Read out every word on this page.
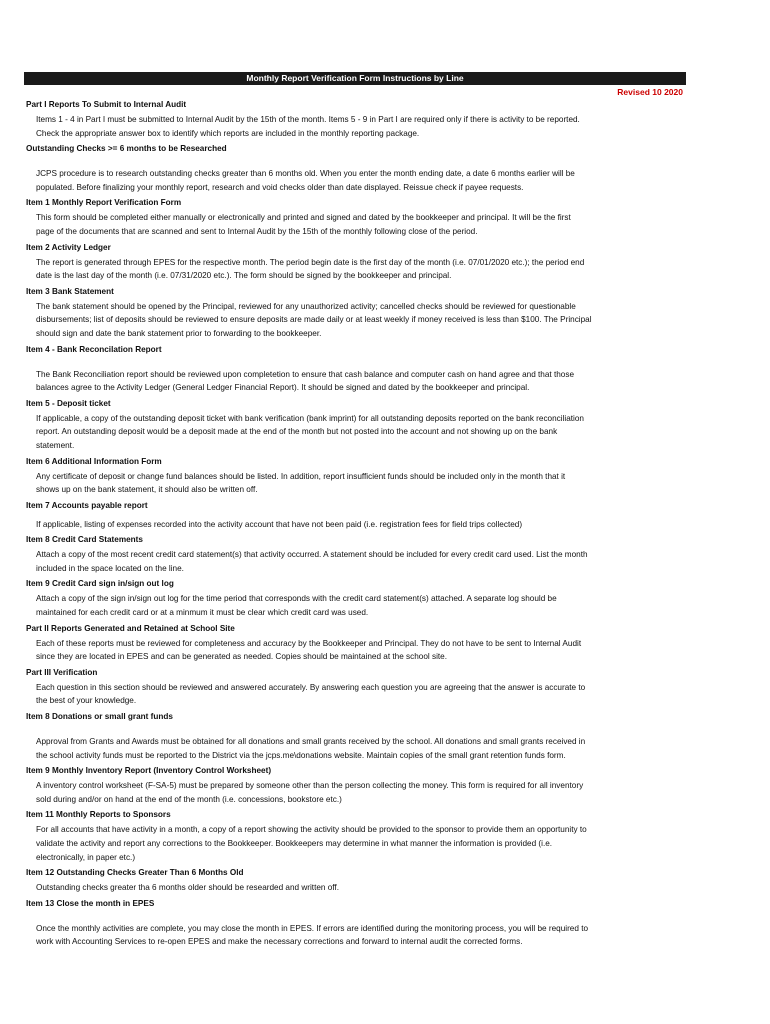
Monthly Report Verification Form Instructions by Line
Revised 10 2020
Part I Reports To Submit to Internal Audit
Items 1 - 4 in Part I must be submitted to Internal Audit by the 15th of the month. Items 5 - 9 in Part I are required only if there is activity to be reported.
Check the appropriate answer box to identify which reports are included in the monthly reporting package.
Outstanding Checks >= 6 months to be Researched
JCPS procedure is to research outstanding checks greater than 6 months old. When you enter the month ending date, a date 6 months earlier will be
populated. Before finalizing your monthly report, research and void checks older than date displayed. Reissue check if payee requests.
Item 1 Monthly Report Verification Form
This form should be completed either manually or electronically and printed and signed and dated by the bookkeeper and principal. It will be the first
page of the documents that are scanned and sent to Internal Audit by the 15th of the monthly following close of the period.
Item 2 Activity Ledger
The report is generated through EPES for the respective month. The period begin date is the first day of the month (i.e. 07/01/2020 etc.); the period end
date is the last day of the month (i.e. 07/31/2020 etc.). The form should be signed by the bookkeeper and principal.
Item 3 Bank Statement
The bank statement should be opened by the Principal, reviewed for any unauthorized activity; cancelled checks should be reviewed for questionable
disbursements; list of deposits should be reviewed to ensure deposits are made daily or at least weekly if money received is less than $100. The Principal
should sign and date the bank statement prior to forwarding to the bookkeeper.
Item 4 - Bank Reconcilation Report
The Bank Reconciliation report should be reviewed upon completetion to ensure that cash balance and computer cash on hand agree and that those
balances agree to the Activity Ledger (General Ledger Financial Report). It should be signed and dated by the bookkeeper and principal.
Item 5 - Deposit ticket
If applicable, a copy of the outstanding deposit ticket with bank verification (bank imprint) for all outstanding deposits reported on the bank reconciliation
report. An outstanding deposit would be a deposit made at the end of the month but not posted into the account and not showing up on the bank
statement.
Item 6 Additional Information Form
Any certificate of deposit or change fund balances should be listed. In addition, report insufficient funds should be included only in the month that it
shows up on the bank statement, it should also be written off.
Item 7 Accounts payable report
If applicable, listing of expenses recorded into the activity account that have not been paid (i.e. registration fees for field trips collected)
Item 8 Credit Card Statements
Attach a copy of the most recent credit card statement(s) that activity occurred. A statement should be included for every credit card used. List the month
included in the space located on the line.
Item 9 Credit Card sign in/sign out log
Attach a copy of the sign in/sign out log for the time period that corresponds with the credit card statement(s) attached. A separate log should be
maintained for each credit card or at a minmum it must be clear which credit card was used.
Part II Reports Generated and Retained at School Site
Each of these reports must be reviewed for completeness and accuracy by the Bookkeeper and Principal. They do not have to be sent to Internal Audit
since they are located in EPES and can be generated as needed. Copies should be maintained at the school site.
Part III Verification
Each question in this section should be reviewed and answered accurately. By answering each question you are agreeing that the answer is accurate to
the best of your knowledge.
Item 8 Donations or small grant funds
Approval from Grants and Awards must be obtained for all donations and small grants received by the school. All donations and small grants received in
the school activity funds must be reported to the District via the jcps.me\donations website. Maintain copies of the small grant retention funds form.
Item 9 Monthly Inventory Report (Inventory Control Worksheet)
A inventory control worksheet (F-SA-5) must be prepared by someone other than the person collecting the money. This form is required for all inventory
sold during and/or on hand at the end of the month (i.e. concessions, bookstore etc.)
Item 11 Monthly Reports to Sponsors
For all accounts that have activity in a month, a copy of a report showing the activity should be provided to the sponsor to provide them an opportunity to
validate the activity and report any corrections to the Bookkeeper. Bookkeepers may determine in what manner the information is provided (i.e.
electronically, in paper etc.)
Item 12 Outstanding Checks Greater Than 6 Months Old
Outstanding checks greater tha 6 months older should be researded and written off.
Item 13 Close the month in EPES
Once the monthly activities are complete, you may close the month in EPES. If errors are identified during the monitoring process, you will be required to
work with Accounting Services to re-open EPES and make the necessary corrections and forward to internal audit the corrected forms.
